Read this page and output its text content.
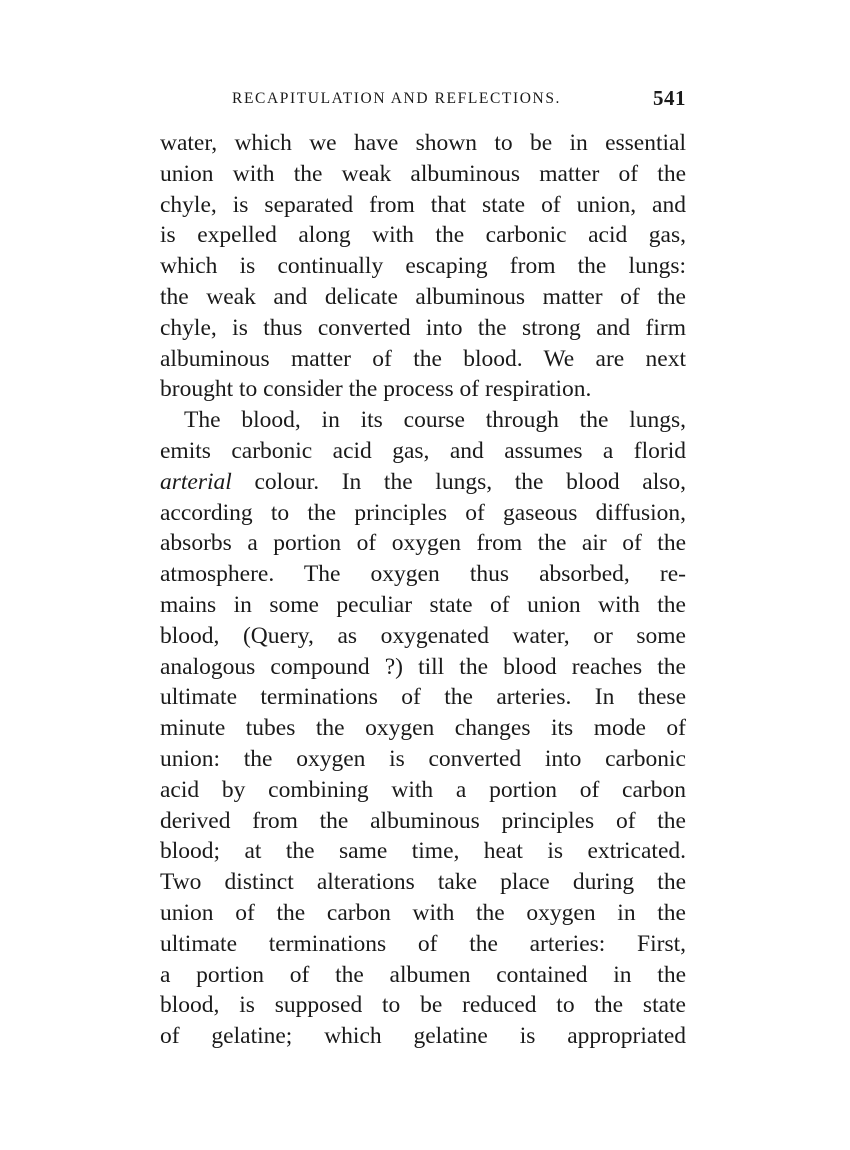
RECAPITULATION AND REFLECTIONS.	541
water, which we have shown to be in essential
union with the weak albuminous matter of the
chyle, is separated from that state of union, and
is expelled along with the carbonic acid gas,
which is continually escaping from the lungs:
the weak and delicate albuminous matter of the
chyle, is thus converted into the strong and firm
albuminous matter of the blood. We are next
brought to consider the process of respiration.
The blood, in its course through the lungs,
emits carbonic acid gas, and assumes a florid
arterial colour. In the lungs, the blood also,
according to the principles of gaseous diffusion,
absorbs a portion of oxygen from the air of the
atmosphere. The oxygen thus absorbed, re-
mains in some peculiar state of union with the
blood, (Query, as oxygenated water, or some
analogous compound ?) till the blood reaches the
ultimate terminations of the arteries. In these
minute tubes the oxygen changes its mode of
union: the oxygen is converted into carbonic
acid by combining with a portion of carbon
derived from the albuminous principles of the
blood; at the same time, heat is extricated.
Two distinct alterations take place during the
union of the carbon with the oxygen in the
ultimate terminations of the arteries: First,
a portion of the albumen contained in the
blood, is supposed to be reduced to the state
of gelatine; which gelatine is appropriated
